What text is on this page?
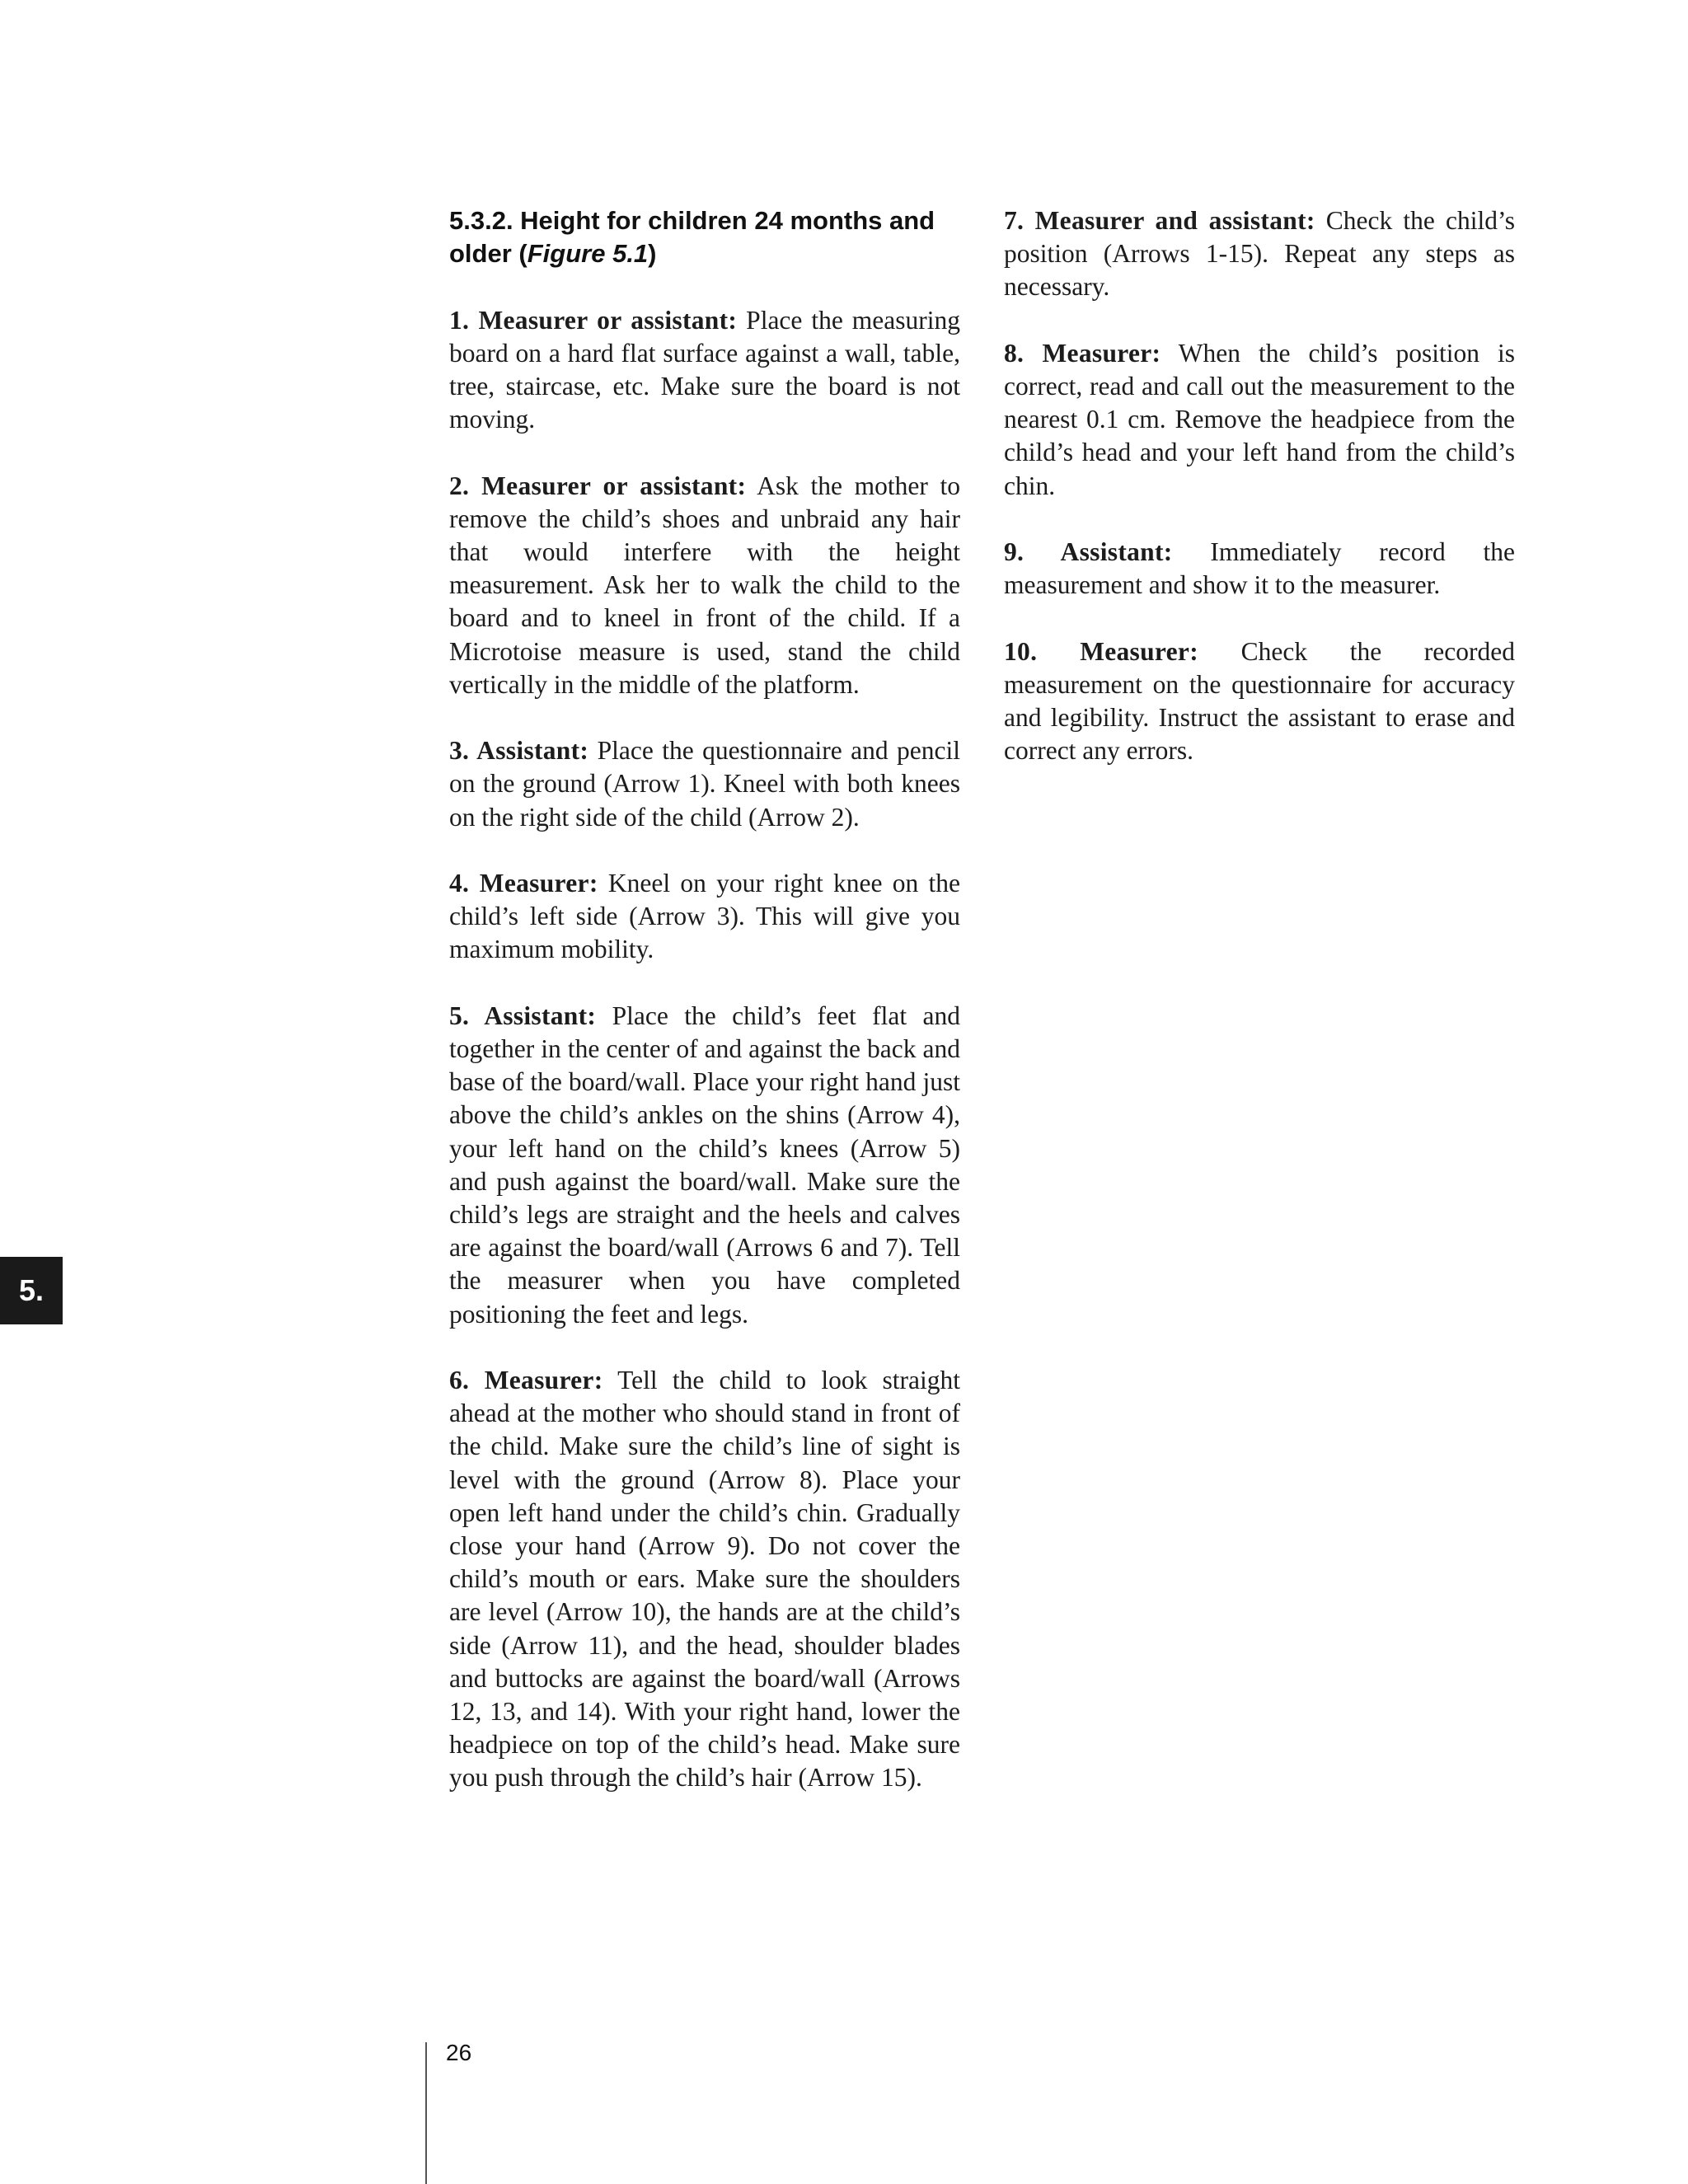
5.3.2. Height for children 24 months and older (Figure 5.1)

1. Measurer or assistant: Place the measuring board on a hard flat surface against a wall, table, tree, staircase, etc. Make sure the board is not moving.

2. Measurer or assistant: Ask the mother to remove the child’s shoes and unbraid any hair that would interfere with the height measurement. Ask her to walk the child to the board and to kneel in front of the child. If a Microtoise measure is used, stand the child vertically in the middle of the platform.

3. Assistant: Place the questionnaire and pencil on the ground (Arrow 1). Kneel with both knees on the right side of the child (Arrow 2).

4. Measurer: Kneel on your right knee on the child’s left side (Arrow 3). This will give you maximum mobility.

5. Assistant: Place the child’s feet flat and together in the center of and against the back and base of the board/wall. Place your right hand just above the child’s ankles on the shins (Arrow 4), your left hand on the child’s knees (Arrow 5) and push against the board/wall. Make sure the child’s legs are straight and the heels and calves are against the board/wall (Arrows 6 and 7). Tell the measurer when you have completed positioning the feet and legs.

6. Measurer: Tell the child to look straight ahead at the mother who should stand in front of the child. Make sure the child’s line of sight is level with the ground (Arrow 8). Place your open left hand under the child’s chin. Gradually close your hand (Arrow 9). Do not cover the child’s mouth or ears. Make sure the shoulders are level (Arrow 10), the hands are at the child’s side (Arrow 11), and the head, shoulder blades and buttocks are against the board/wall (Arrows 12, 13, and 14). With your right hand, lower the headpiece on top of the child’s head. Make sure you push through the child’s hair (Arrow 15).

7. Measurer and assistant: Check the child’s position (Arrows 1-15). Repeat any steps as necessary.

8. Measurer: When the child’s position is correct, read and call out the measurement to the nearest 0.1 cm. Remove the headpiece from the child’s head and your left hand from the child’s chin.

9. Assistant: Immediately record the measurement and show it to the measurer.

10. Measurer: Check the recorded measurement on the questionnaire for accuracy and legibility. Instruct the assistant to erase and correct any errors.

5.
26
